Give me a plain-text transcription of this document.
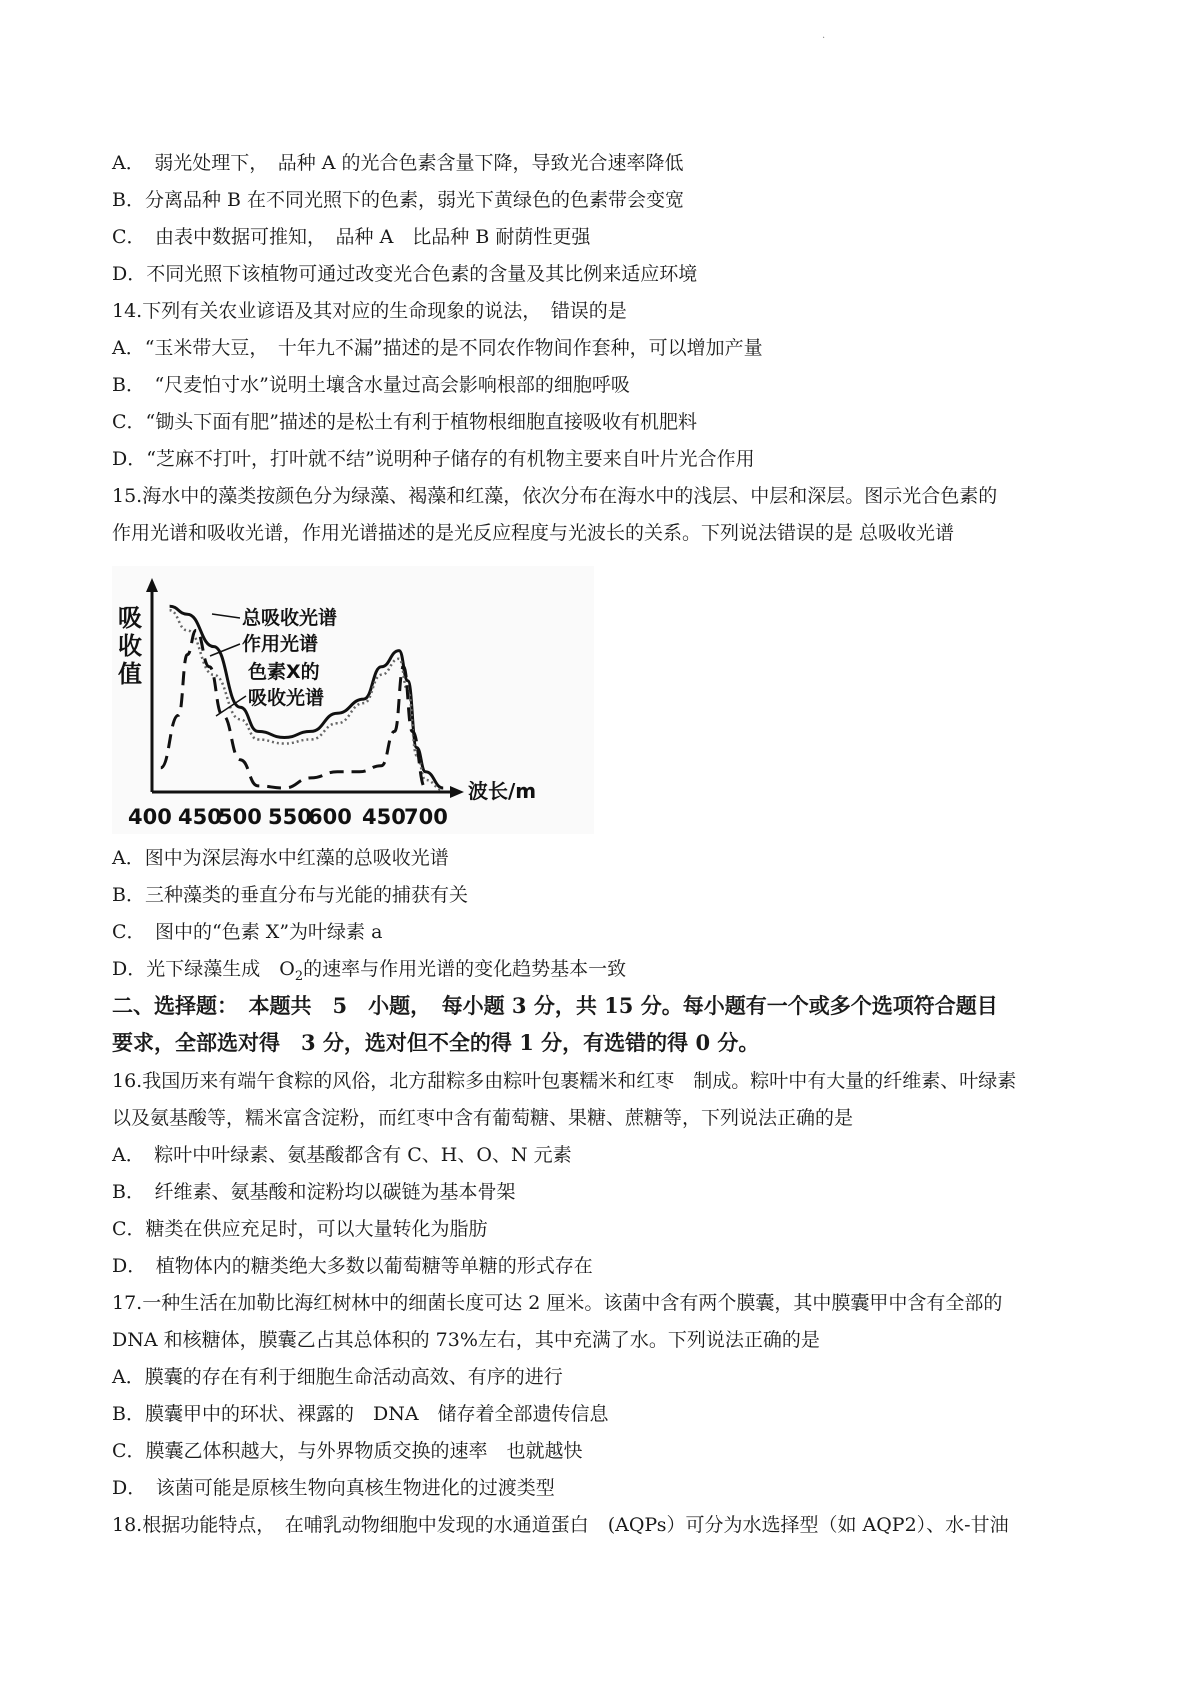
.
A．　弱光处理下，　品种 A 的光合色素含量下降，导致光合速率降低
B．分离品种 B 在不同光照下的色素，弱光下黄绿色的色素带会变宽
C．　由表中数据可推知，　品种 A　比品种 B 耐荫性更强
D．不同光照下该植物可通过改变光合色素的含量及其比例来适应环境
14.下列有关农业谚语及其对应的生命现象的说法，　错误的是
A．“玉米带大豆，　十年九不漏”描述的是不同农作物间作套种，可以增加产量
B．　“尺麦怕寸水”说明土壤含水量过高会影响根部的细胞呼吸
C．“锄头下面有肥”描述的是松土有利于植物根细胞直接吸收有机肥料
D．“芝麻不打叶，打叶就不结”说明种子储存的有机物主要来自叶片光合作用
15.海水中的藻类按颜色分为绿藻、褐藻和红藻，依次分布在海水中的浅层、中层和深层。图示光合色素的
作用光谱和吸收光谱，作用光谱描述的是光反应程度与光波长的关系。下列说法错误的是 总吸收光谱
吸
收
值
波长/m
400 450
500 550
600 450
700
总吸收光谱
作用光谱
色素X的
吸收光谱
A．图中为深层海水中红藻的总吸收光谱
B．三种藻类的垂直分布与光能的捕获有关
C．　图中的“色素 X”为叶绿素 a
D．光下绿藻生成　$O_2$的速率与作用光谱的变化趋势基本一致
二、选择题：　本题共　5　小题，　每小题 3 分，共 15 分。每小题有一个或多个选项符合题目
要求，全部选对得　3 分，选对但不全的得 1 分，有选错的得 0 分。
16.我国历来有端午食粽的风俗，北方甜粽多由粽叶包裹糯米和红枣　制成。粽叶中有大量的纤维素、叶绿素
以及氨基酸等，糯米富含淀粉，而红枣中含有葡萄糖、果糖、蔗糖等，下列说法正确的是
A．　粽叶中叶绿素、氨基酸都含有 C、H、O、N 元素
B．　纤维素、氨基酸和淀粉均以碳链为基本骨架
C．糖类在供应充足时，可以大量转化为脂肪
D．　植物体内的糖类绝大多数以葡萄糖等单糖的形式存在
17.一种生活在加勒比海红树林中的细菌长度可达 2 厘米。该菌中含有两个膜囊，其中膜囊甲中含有全部的
DNA 和核糖体，膜囊乙占其总体积的 73%左右，其中充满了水。下列说法正确的是
A．膜囊的存在有利于细胞生命活动高效、有序的进行
B．膜囊甲中的环状、裸露的　DNA　储存着全部遗传信息
C．膜囊乙体积越大，与外界物质交换的速率　也就越快
D．　该菌可能是原核生物向真核生物进化的过渡类型
18.根据功能特点，　在哺乳动物细胞中发现的水通道蛋白　(AQPs）可分为水选择型（如 AQP2）、水-甘油
